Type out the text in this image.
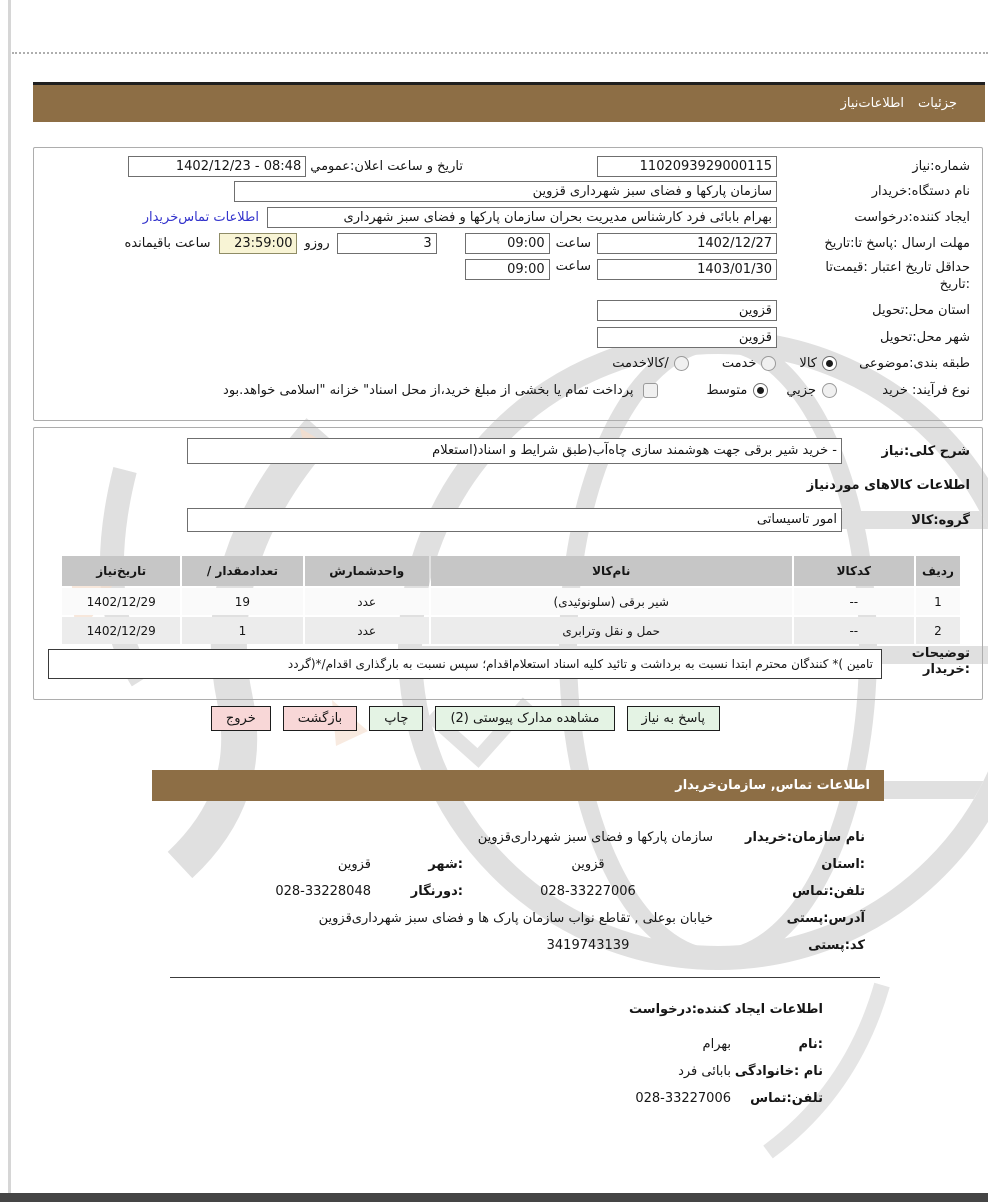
جزئیات
اطلاعات‌نیاز
شماره:نیاز
1102093929000115
تاریخ و ساعت اعلان:عمومي
1402/12/23 - 08:48
نام دستگاه:خریدار
سازمان پارکها و فضای سبز شهرداری قزوین
ایجاد کننده:درخواست
بهرام بابائی فرد کارشناس مدیریت بحران سازمان پارکها و فضای سبز شهرداری
اطلاعات تماس‌خریدار
مهلت ارسال :پاسخ تا:تاریخ
1402/12/27
ساعت
09:00
3
روزو
23:59:00
ساعت باقیمانده
حداقل تاریخ اعتبار :قیمت‌تا
:تاریخ
1403/01/30
ساعت
09:00
استان محل:تحویل
قزوین
شهر محل:تحویل
قزوین
طبقه بندی:موضوعی
کالا
خدمت
/کالاخدمت
نوع فرآیند: خرید
جزیي
متوسط
پرداخت تمام یا بخشی از مبلغ خرید،از محل اسناد" خزانه "اسلامی خواهد.بود
شرح کلی:نیاز
- خرید شیر برقی جهت هوشمند سازی چاه‌آب(طبق شرایط و اسناد(استعلام
اطلاعات کالاهای موردنیاز
گروه:کالا
امور تاسیساتی
ردیف	کدکالا	نام‌کالا	واحدشمارش	تعدادمقدار /	تاریخ‌نیاز
1	--	شیر برقی (سلونوئیدی)	عدد	19	1402/12/29
2	--	حمل و نقل وترابری	عدد	1	1402/12/29
توضیحات
:خریدار
تامین )* کنندگان محترم ابتدا نسبت به برداشت و تائید کلیه اسناد استعلام‌اقدام؛ سپس نسبت به بارگذاری اقدام/*(گردد
پاسخ به نیاز
مشاهده مدارک پیوستی (2)
چاپ
بازگشت
خروج
اطلاعات تماس, سازمان‌خریدار
نام سازمان:خریدار
سازمان پارکها و فضای سبز شهرداری‌قزوین
:استان
قزوین
:شهر
قزوین
تلفن:تماس
028-33227006
:دورنگار
028-33228048
آدرس:پستی
خیابان بوعلی , تقاطع نواب سازمان پارک ها و فضای سبز شهرداری‌قزوین
کد:پستی
3419743139
اطلاعات ایجاد کننده:درخواست
:نام
بهرام
نام :خانوادگی
بابائی فرد
تلفن:تماس
028-33227006
